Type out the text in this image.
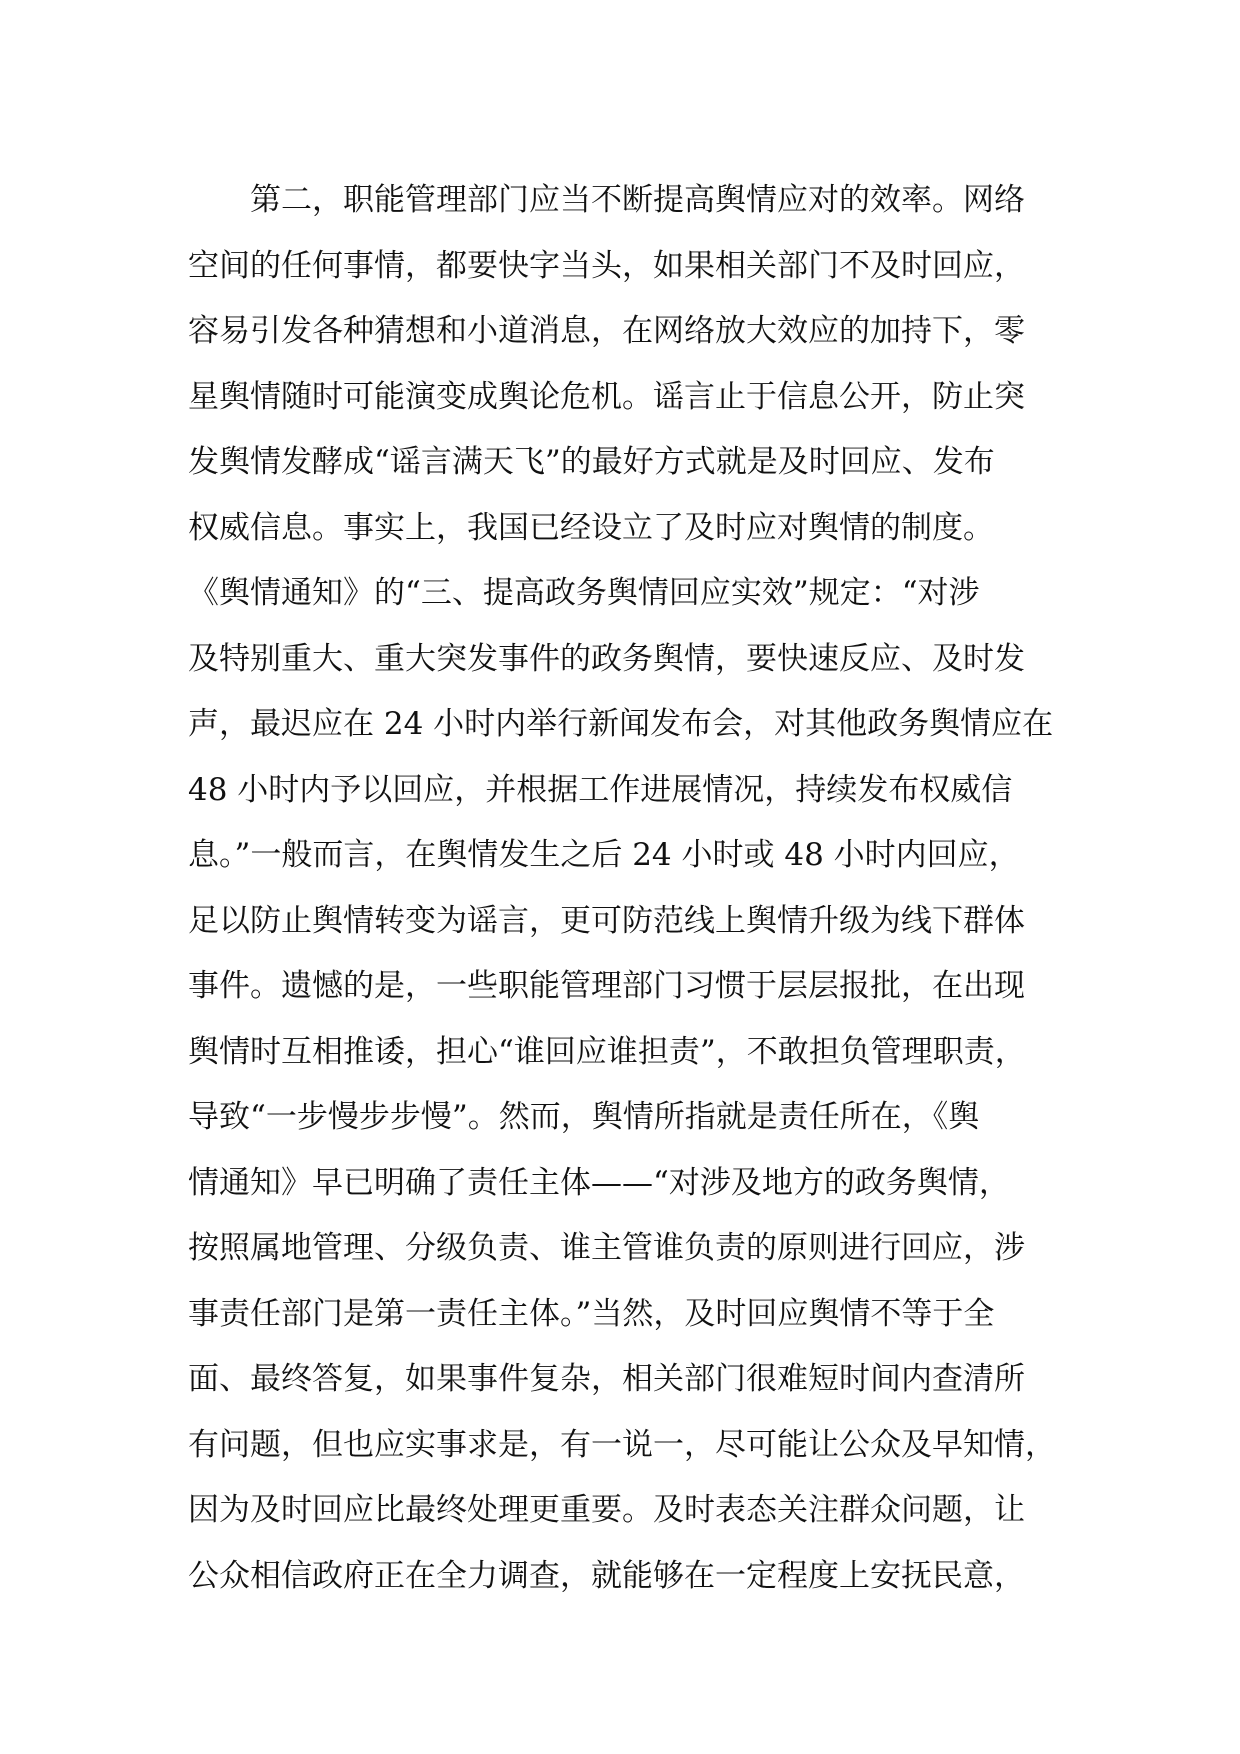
第二，职能管理部门应当不断提高舆情应对的效率。网络
空间的任何事情，都要快字当头，如果相关部门不及时回应，
容易引发各种猜想和小道消息，在网络放大效应的加持下，零
星舆情随时可能演变成舆论危机。谣言止于信息公开，防止突
发舆情发酵成“谣言满天飞”的最好方式就是及时回应、发布
权威信息。事实上，我国已经设立了及时应对舆情的制度。
《舆情通知》的“三、提高政务舆情回应实效”规定：“对涉
及特别重大、重大突发事件的政务舆情，要快速反应、及时发
声，最迟应在 24 小时内举行新闻发布会，对其他政务舆情应在
48 小时内予以回应，并根据工作进展情况，持续发布权威信
息。”一般而言，在舆情发生之后 24 小时或 48 小时内回应，
足以防止舆情转变为谣言，更可防范线上舆情升级为线下群体
事件。遗憾的是，一些职能管理部门习惯于层层报批，在出现
舆情时互相推诿，担心“谁回应谁担责”，不敢担负管理职责，
导致“一步慢步步慢”。然而，舆情所指就是责任所在，《舆
情通知》早已明确了责任主体——“对涉及地方的政务舆情，
按照属地管理、分级负责、谁主管谁负责的原则进行回应，涉
事责任部门是第一责任主体。”当然，及时回应舆情不等于全
面、最终答复，如果事件复杂，相关部门很难短时间内查清所
有问题，但也应实事求是，有一说一，尽可能让公众及早知情，
因为及时回应比最终处理更重要。及时表态关注群众问题，让
公众相信政府正在全力调查，就能够在一定程度上安抚民意，
